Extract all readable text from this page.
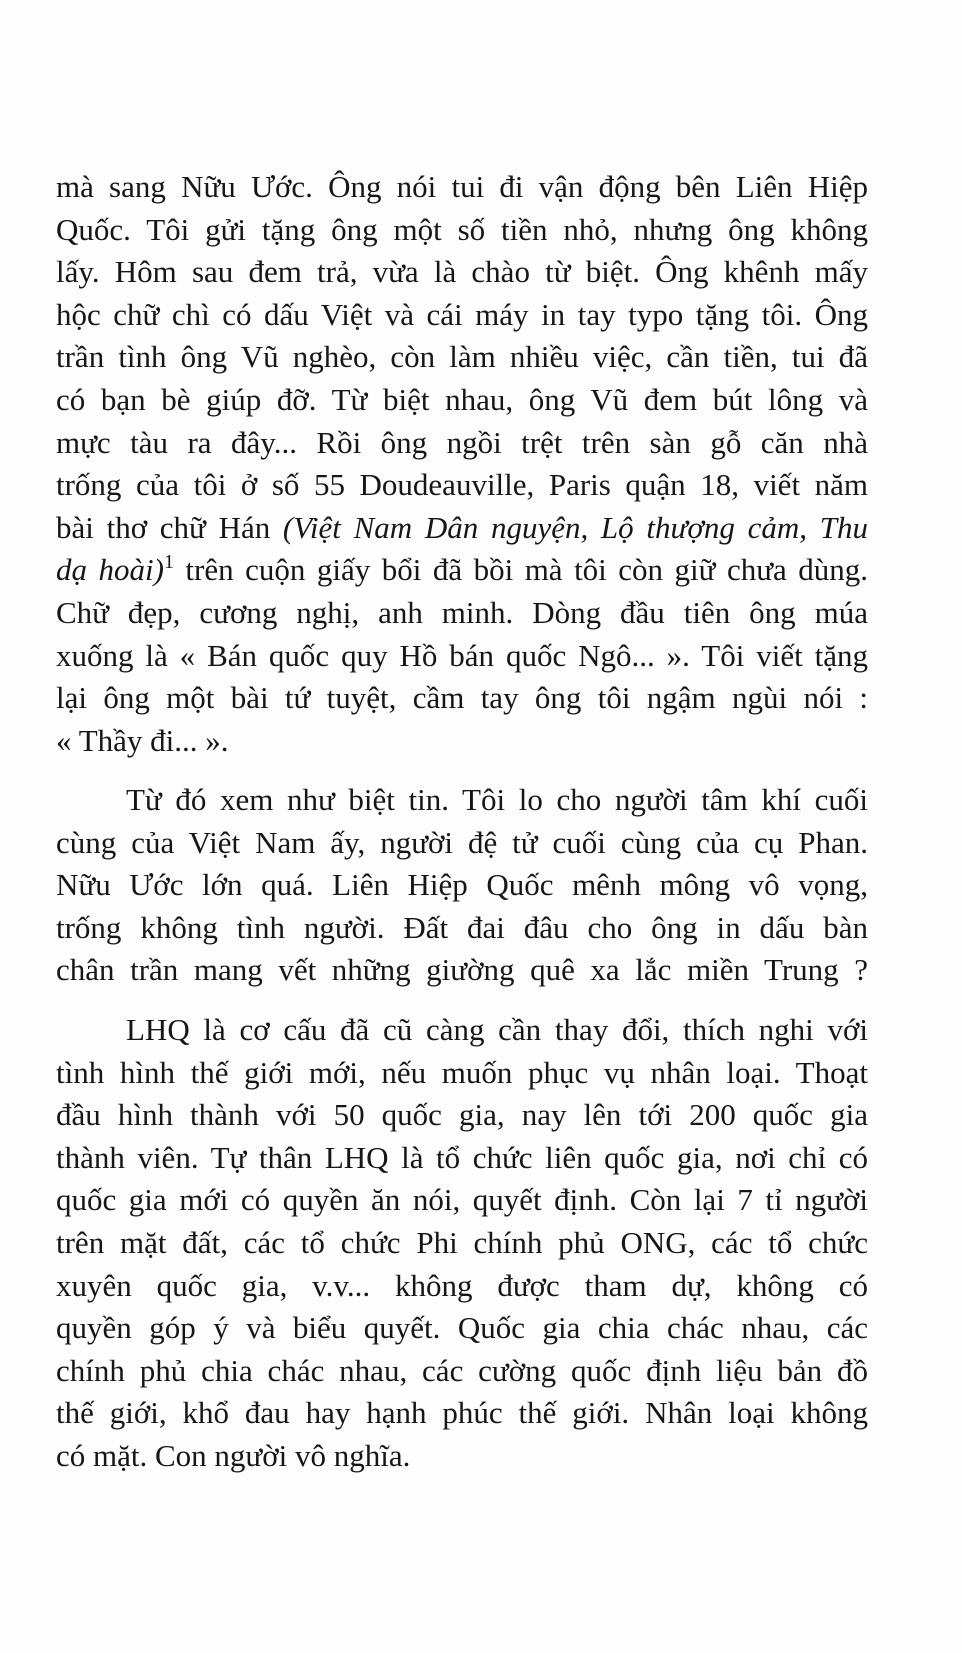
mà sang Nữu Ước. Ông nói tui đi vận động bên Liên Hiệp
Quốc. Tôi gửi tặng ông một số tiền nhỏ, nhưng ông không
lấy. Hôm sau đem trả, vừa là chào từ biệt. Ông khênh mấy
hộc chữ chì có dấu Việt và cái máy in tay typo tặng tôi. Ông
trần tình ông Vũ nghèo, còn làm nhiều việc, cần tiền, tui đã
có bạn bè giúp đỡ. Từ biệt nhau, ông Vũ đem bút lông và
mực tàu ra đây... Rồi ông ngồi trệt trên sàn gỗ căn nhà
trống của tôi ở số 55 Doudeauville, Paris quận 18, viết năm
bài thơ chữ Hán (Việt Nam Dân nguyện, Lộ thượng cảm, Thu
dạ hoài)$^1$ trên cuộn giấy bổi đã bồi mà tôi còn giữ chưa dùng.
Chữ đẹp, cương nghị, anh minh. Dòng đầu tiên ông múa
xuống là « Bán quốc quy Hồ bán quốc Ngô... ». Tôi viết tặng
lại ông một bài tứ tuyệt, cầm tay ông tôi ngậm ngùi nói :
« Thầy đi... ».
Từ đó xem như biệt tin. Tôi lo cho người tâm khí cuối
cùng của Việt Nam ấy, người đệ tử cuối cùng của cụ Phan.
Nữu Ước lớn quá. Liên Hiệp Quốc mênh mông vô vọng,
trống không tình người. Đất đai đâu cho ông in dấu bàn
chân trần mang vết những giường quê xa lắc miền Trung ?
LHQ là cơ cấu đã cũ càng cần thay đổi, thích nghi với
tình hình thế giới mới, nếu muốn phục vụ nhân loại. Thoạt
đầu hình thành với 50 quốc gia, nay lên tới 200 quốc gia
thành viên. Tự thân LHQ là tổ chức liên quốc gia, nơi chỉ có
quốc gia mới có quyền ăn nói, quyết định. Còn lại 7 tỉ người
trên mặt đất, các tổ chức Phi chính phủ ONG, các tổ chức
xuyên quốc gia, v.v... không được tham dự, không có
quyền góp ý và biểu quyết. Quốc gia chia chác nhau, các
chính phủ chia chác nhau, các cường quốc định liệu bản đồ
thế giới, khổ đau hay hạnh phúc thế giới. Nhân loại không
có mặt. Con người vô nghĩa.
